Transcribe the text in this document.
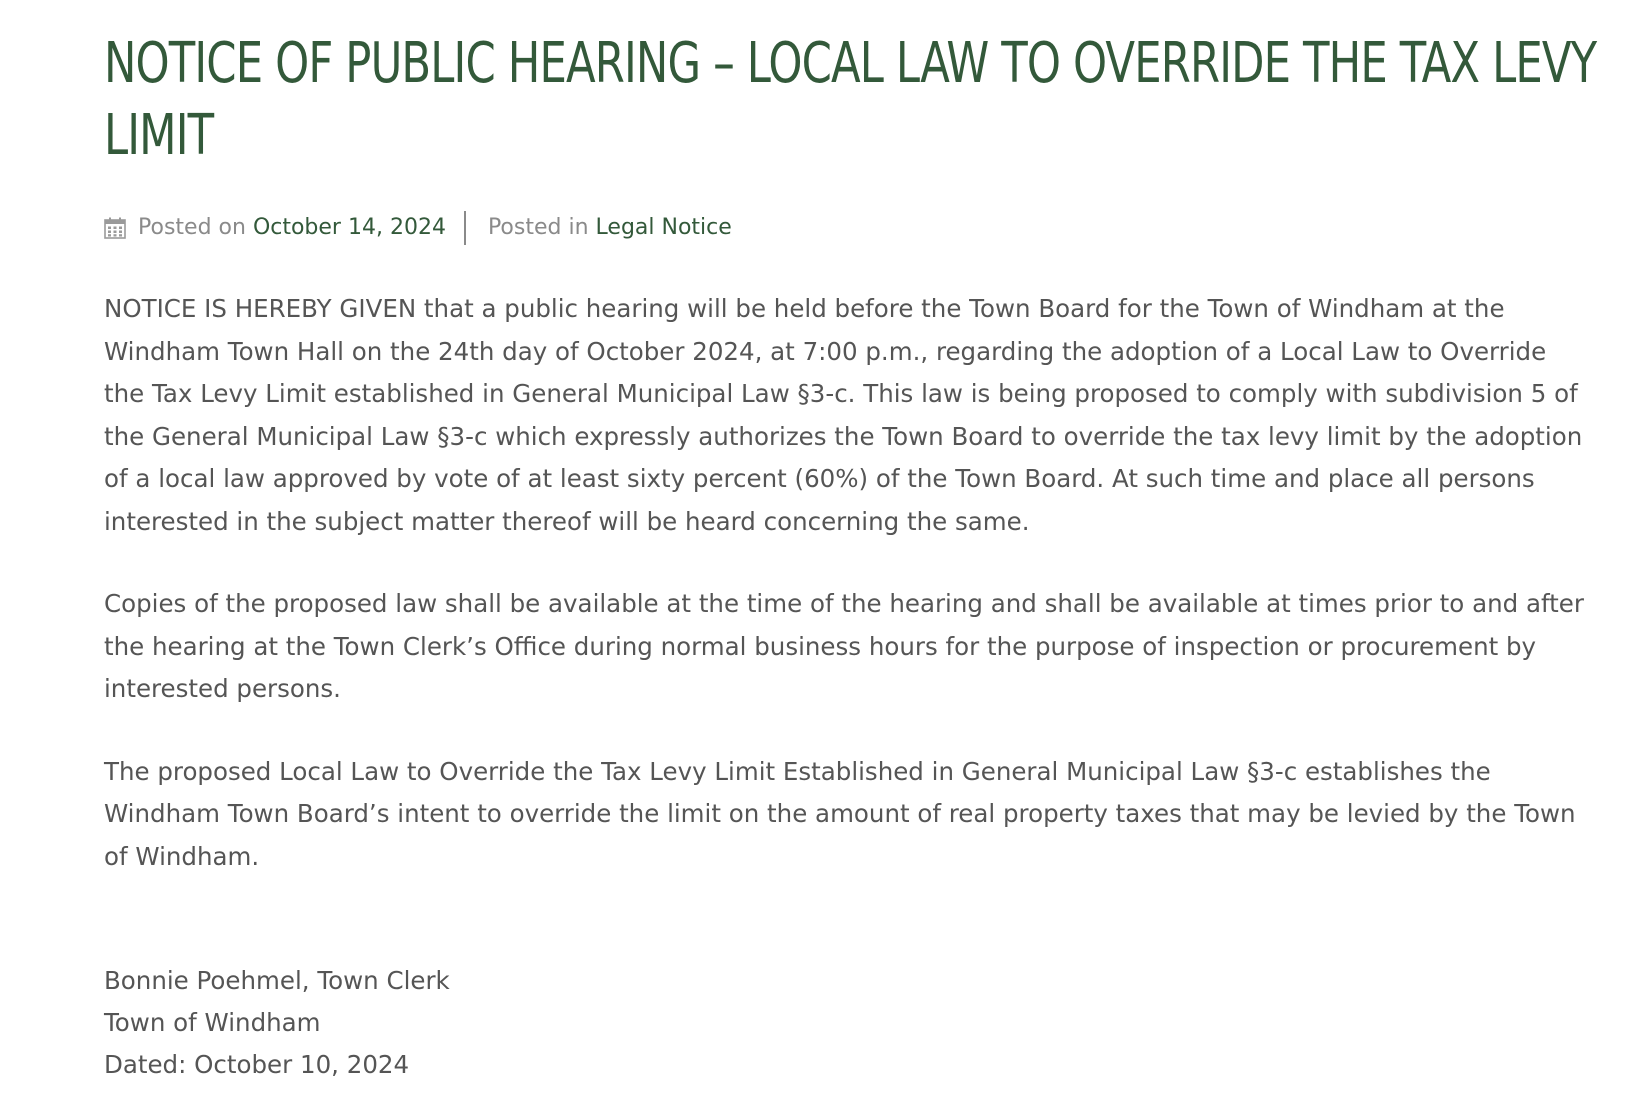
NOTICE OF PUBLIC HEARING – LOCAL LAW TO OVERRIDE THE TAX LEVY LIMIT
Posted on October 14, 2024 Posted in Legal Notice

NOTICE IS HEREBY GIVEN that a public hearing will be held before the Town Board for the Town of Windham at the Windham Town Hall on the 24th day of October 2024, at 7:00 p.m., regarding the adoption of a Local Law to Override the Tax Levy Limit established in General Municipal Law §3-c. This law is being proposed to comply with subdivision 5 of the General Municipal Law §3-c which expressly authorizes the Town Board to override the tax levy limit by the adoption of a local law approved by vote of at least sixty percent (60%) of the Town Board. At such time and place all persons interested in the subject matter thereof will be heard concerning the same.

Copies of the proposed law shall be available at the time of the hearing and shall be available at times prior to and after the hearing at the Town Clerk’s Office during normal business hours for the purpose of inspection or procurement by interested persons.

The proposed Local Law to Override the Tax Levy Limit Established in General Municipal Law §3-c establishes the Windham Town Board’s intent to override the limit on the amount of real property taxes that may be levied by the Town of Windham.

Bonnie Poehmel, Town Clerk
Town of Windham
Dated: October 10, 2024
